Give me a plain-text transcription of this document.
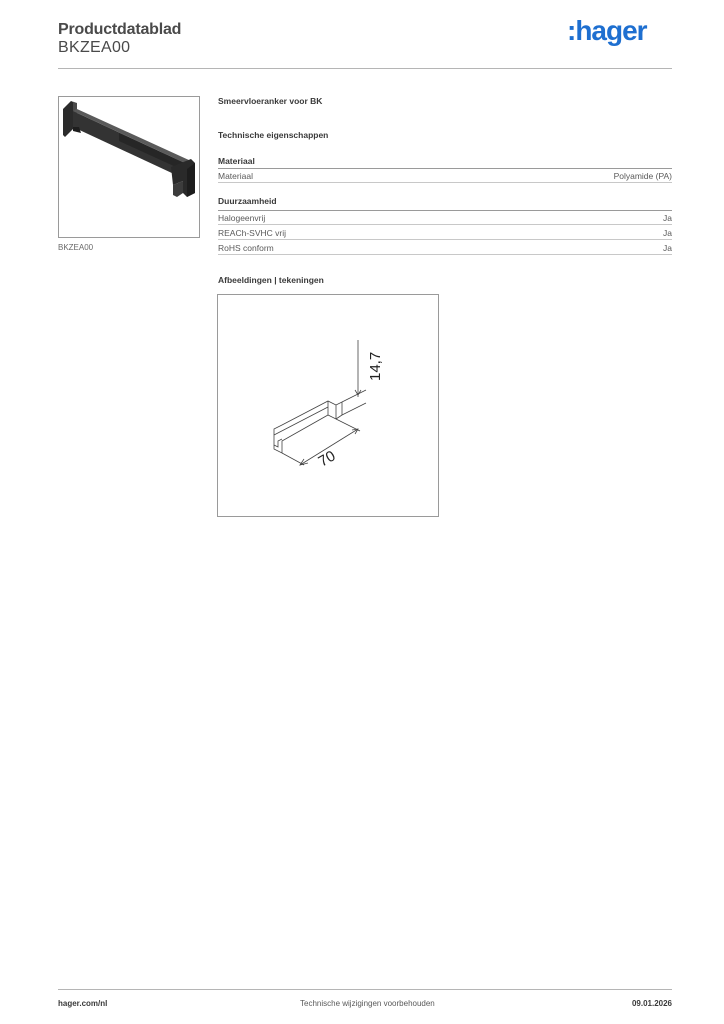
Productdatablad
BKZEA00
:hager
BKZEA00
Smeervloeranker voor BK
Technische eigenschappen
Materiaal
Materiaal	Polyamide (PA)
Duurzaamheid
Halogeenvrij	Ja
REACh-SVHC vrij	Ja
RoHS conform	Ja
Afbeeldingen | tekeningen
14,7
70
hager.com/nl	Technische wijzigingen voorbehouden	09.01.2026
